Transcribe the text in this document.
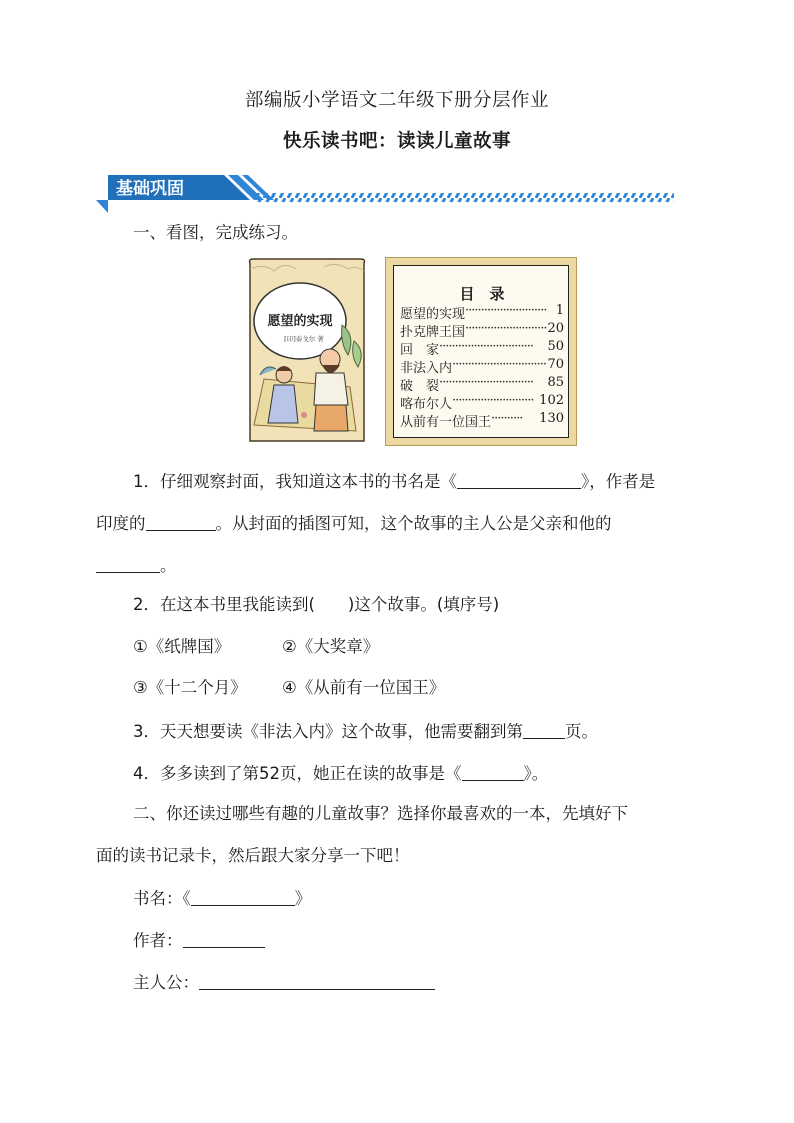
部编版小学语文二年级下册分层作业
快乐读书吧：读读儿童故事
基础巩固
一、看图，完成练习。
愿望的实现
[印]泰戈尔 著
目　录
愿望的实现 ·························· 1
扑克牌王国 ·························· 20
回　家 ······························	50
非法入内 ······························ 70
破　裂 ······························	85
喀布尔人 ·························· 102
从前有一位国王 ··········	130
1．仔细观察封面，我知道这本书的书名是《	》，作者是
印度的	。从封面的插图可知，这个故事的主人公是父亲和他的
。
2．在这本书里我能读到(　　)这个故事。(填序号)
①《纸牌国》	②《大奖章》
③《十二个月》 ④《从前有一位国王》
3．天天想要读《非法入内》这个故事，他需要翻到第	页。
4．多多读到了第52页，她正在读的故事是《	》。
二、你还读过哪些有趣的儿童故事？选择你最喜欢的一本，先填好下
面的读书记录卡，然后跟大家分享一下吧！
书名：《	》
作者：
主人公：
